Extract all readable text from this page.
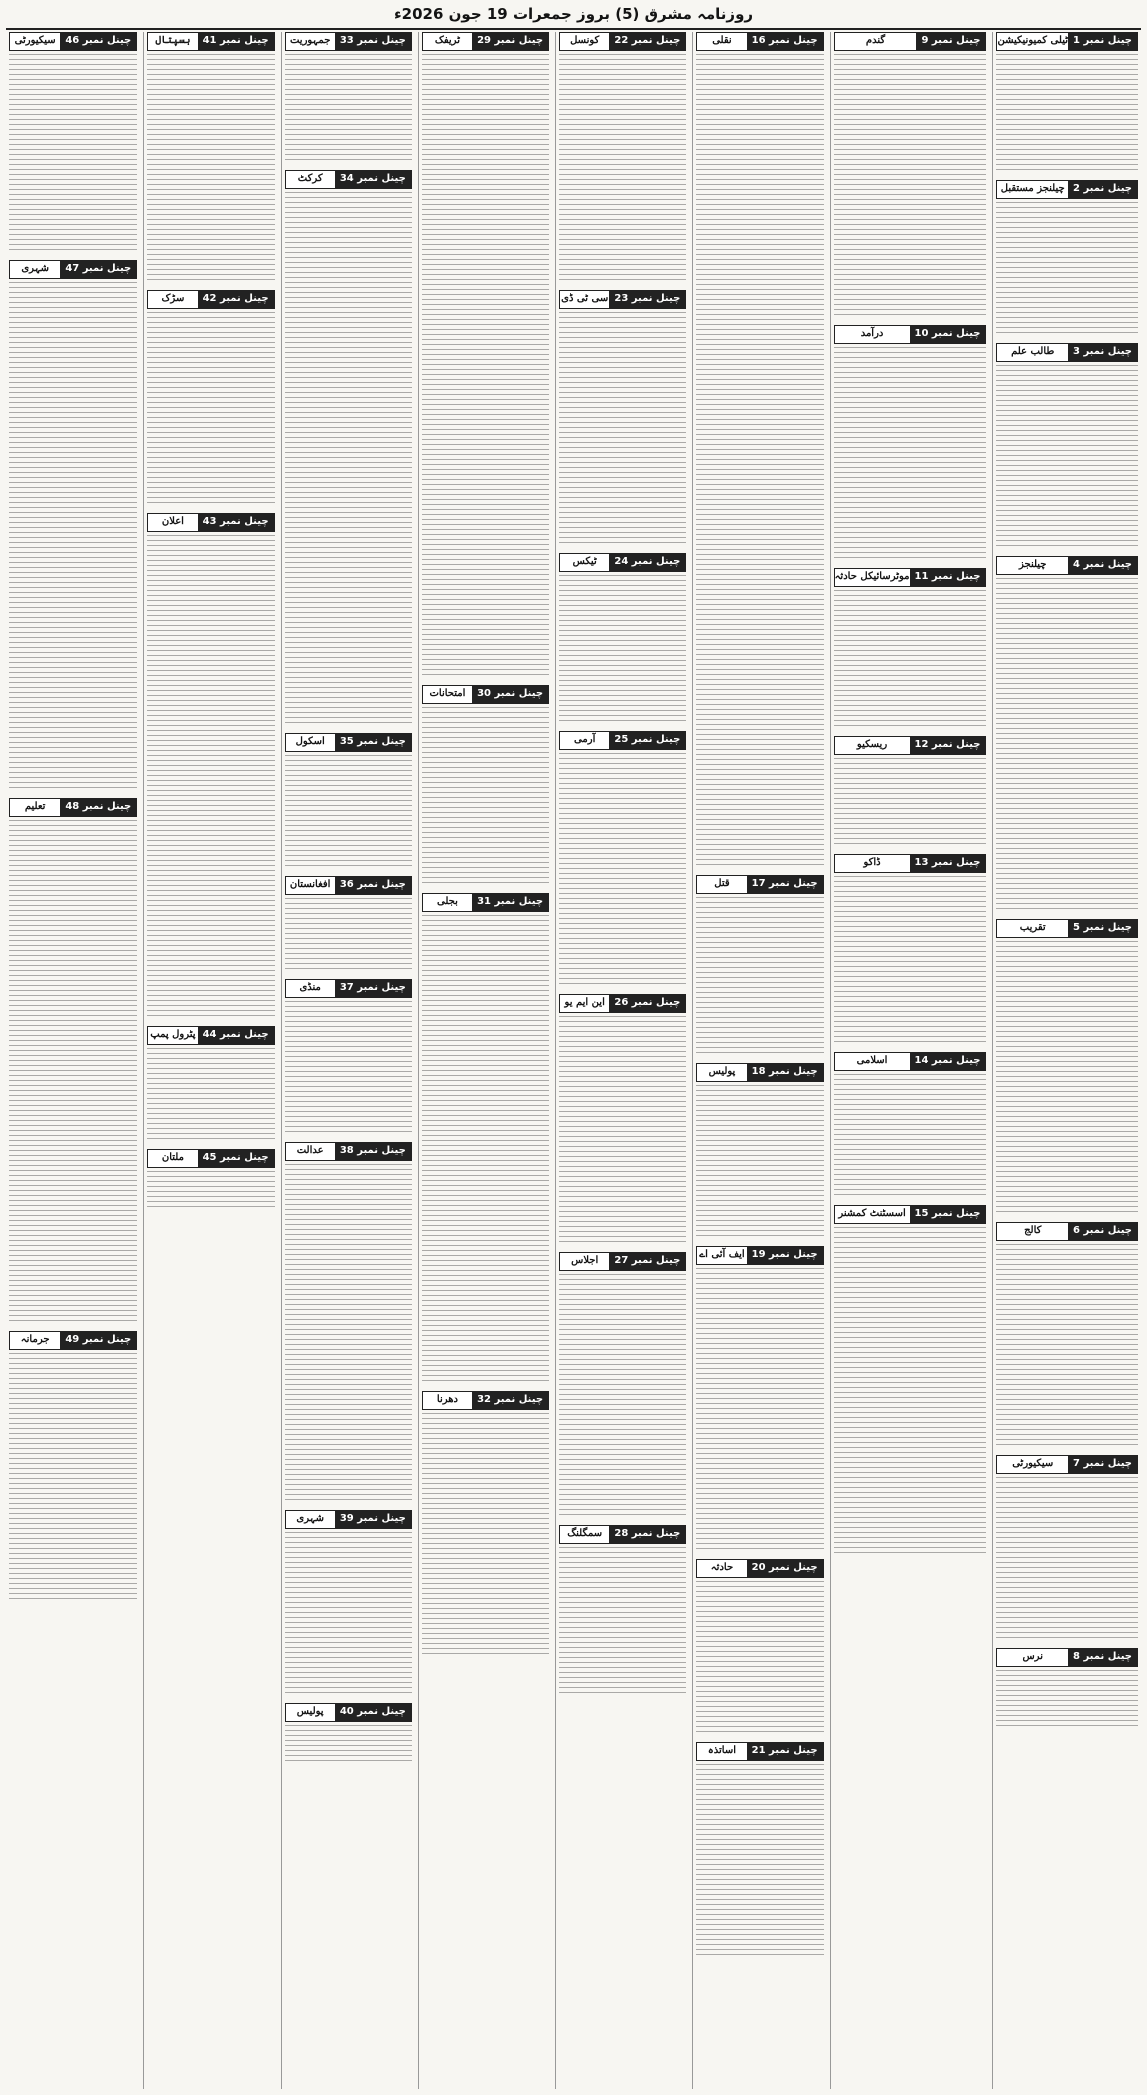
روزنامہ مشرق (5) بروز جمعرات 19 جون 2026ء
چینل نمبر 1
ٹیلی کمیونیکیشن
چینل نمبر 2
چیلنجز مستقبل
چینل نمبر 3
طالب علم
چینل نمبر 4
چیلنجز
چینل نمبر 5
تقریب
چینل نمبر 6
کالج
چینل نمبر 7
سیکیورٹی
چینل نمبر 8
نرس
چینل نمبر 9
گندم
چینل نمبر 10
درآمد
چینل نمبر 11
موٹرسائیکل حادثہ
چینل نمبر 12
ریسکیو
چینل نمبر 13
ڈاکو
چینل نمبر 14
اسلامی
چینل نمبر 15
اسسٹنٹ کمشنر
چینل نمبر 16
نقلی
چینل نمبر 17
قتل
چینل نمبر 18
پولیس
چینل نمبر 19
ایف آئی اے
چینل نمبر 20
حادثہ
چینل نمبر 21
اساتذہ
چینل نمبر 22
کونسل
چینل نمبر 23
سی ٹی ڈی
چینل نمبر 24
ٹیکس
چینل نمبر 25
آرمی
چینل نمبر 26
این ایم یو
چینل نمبر 27
اجلاس
چینل نمبر 28
سمگلنگ
چینل نمبر 29
ٹریفک
چینل نمبر 30
امتحانات
چینل نمبر 31
بجلی
چینل نمبر 32
دھرنا
چینل نمبر 33
جمہوریت
چینل نمبر 34
کرکٹ
چینل نمبر 35
اسکول
چینل نمبر 36
افغانستان
چینل نمبر 37
منڈی
چینل نمبر 38
عدالت
چینل نمبر 39
شہری
چینل نمبر 40
پولیس
چینل نمبر 41
ہسپتال
چینل نمبر 42
سڑک
چینل نمبر 43
اعلان
چینل نمبر 44
پٹرول پمپ
چینل نمبر 45
ملتان
چینل نمبر 46
سیکیورٹی
چینل نمبر 47
شہری
چینل نمبر 48
تعلیم
چینل نمبر 49
جرمانہ
